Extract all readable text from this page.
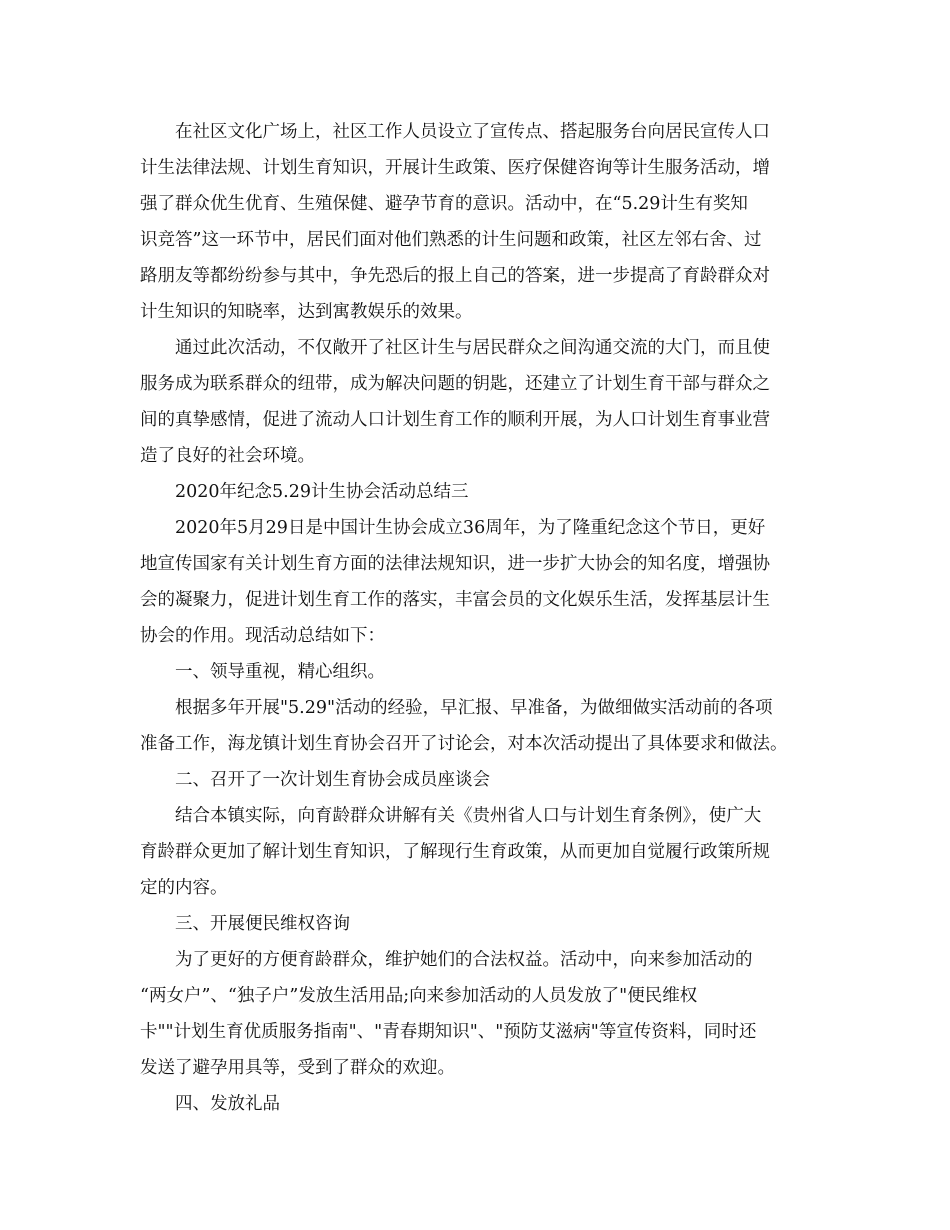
在社区文化广场上，社区工作人员设立了宣传点、搭起服务台向居民宣传人口
计生法律法规、计划生育知识，开展计生政策、医疗保健咨询等计生服务活动，增
强了群众优生优育、生殖保健、避孕节育的意识。活动中，在“5.29计生有奖知
识竞答”这一环节中，居民们面对他们熟悉的计生问题和政策，社区左邻右舍、过
路朋友等都纷纷参与其中，争先恐后的报上自己的答案，进一步提高了育龄群众对
计生知识的知晓率，达到寓教娱乐的效果。
通过此次活动，不仅敞开了社区计生与居民群众之间沟通交流的大门，而且使
服务成为联系群众的纽带，成为解决问题的钥匙，还建立了计划生育干部与群众之
间的真挚感情，促进了流动人口计划生育工作的顺利开展，为人口计划生育事业营
造了良好的社会环境。
2020年纪念5.29计生协会活动总结三
2020年5月29日是中国计生协会成立36周年，为了隆重纪念这个节日，更好
地宣传国家有关计划生育方面的法律法规知识，进一步扩大协会的知名度，增强协
会的凝聚力，促进计划生育工作的落实，丰富会员的文化娱乐生活，发挥基层计生
协会的作用。现活动总结如下：
一、领导重视，精心组织。
根据多年开展"5.29"活动的经验，早汇报、早准备，为做细做实活动前的各项
准备工作，海龙镇计划生育协会召开了讨论会，对本次活动提出了具体要求和做法。
二、召开了一次计划生育协会成员座谈会
结合本镇实际，向育龄群众讲解有关《贵州省人口与计划生育条例》，使广大
育龄群众更加了解计划生育知识，了解现行生育政策，从而更加自觉履行政策所规
定的内容。
三、开展便民维权咨询
为了更好的方便育龄群众，维护她们的合法权益。活动中，向来参加活动的
“两女户”、“独子户”发放生活用品;向来参加活动的人员发放了"便民维权
卡""计划生育优质服务指南"、"青春期知识"、"预防艾滋病"等宣传资料，同时还
发送了避孕用具等，受到了群众的欢迎。
四、发放礼品
